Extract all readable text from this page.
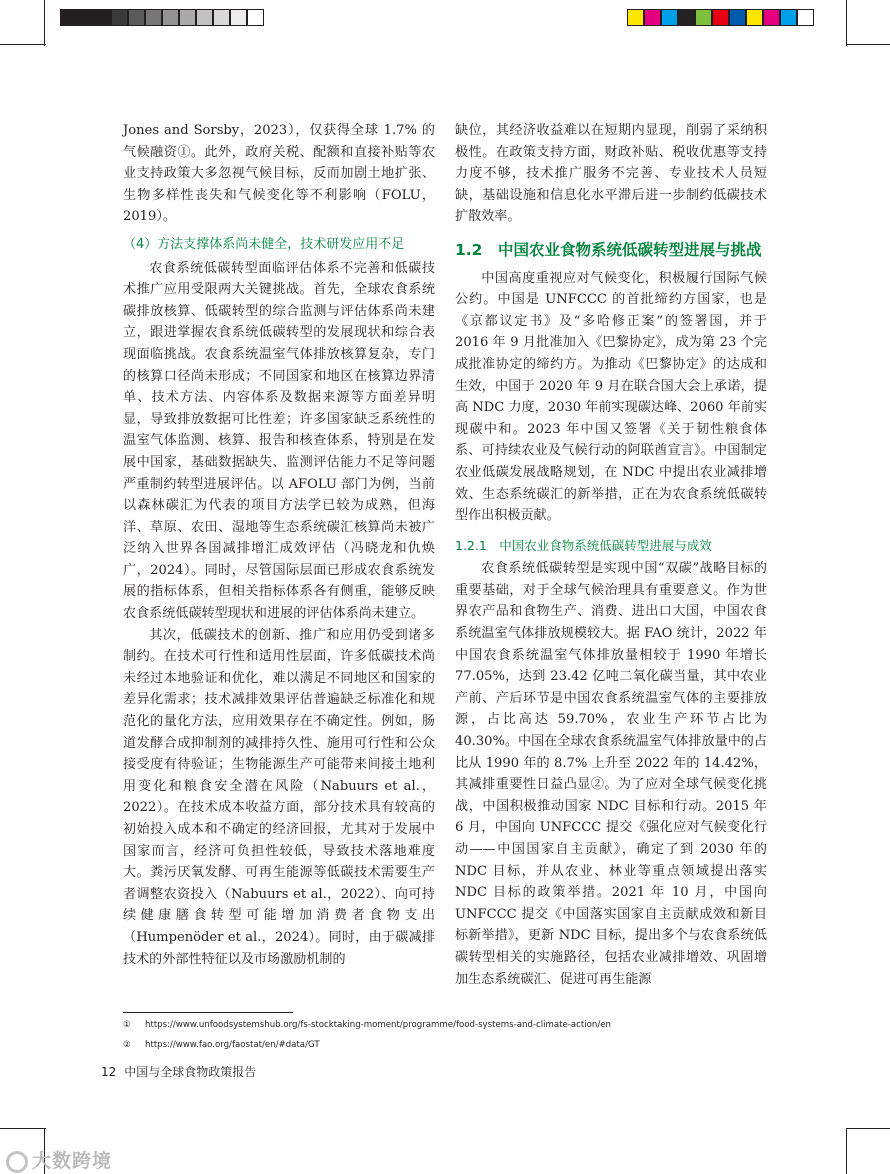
Jones and Sorsby，2023），仅获得全球 1.7% 的气候融资①。此外，政府关税、配额和直接补贴等农业支持政策大多忽视气候目标，反而加剧土地扩张、生物多样性丧失和气候变化等不利影响（FOLU，2019）。

（4）方法支撑体系尚未健全，技术研发应用不足

农食系统低碳转型面临评估体系不完善和低碳技术推广应用受限两大关键挑战。首先，全球农食系统碳排放核算、低碳转型的综合监测与评估体系尚未建立，跟进掌握农食系统低碳转型的发展现状和综合表现面临挑战。农食系统温室气体排放核算复杂，专门的核算口径尚未形成；不同国家和地区在核算边界清单、技术方法、内容体系及数据来源等方面差异明显，导致排放数据可比性差；许多国家缺乏系统性的温室气体监测、核算、报告和核查体系，特别是在发展中国家，基础数据缺失、监测评估能力不足等问题严重制约转型进展评估。以 AFOLU 部门为例，当前以森林碳汇为代表的项目方法学已较为成熟，但海洋、草原、农田、湿地等生态系统碳汇核算尚未被广泛纳入世界各国减排增汇成效评估（冯晓龙和仇焕广，2024）。同时，尽管国际层面已形成农食系统发展的指标体系，但相关指标体系各有侧重，能够反映农食系统低碳转型现状和进展的评估体系尚未建立。

其次，低碳技术的创新、推广和应用仍受到诸多制约。在技术可行性和适用性层面，许多低碳技术尚未经过本地验证和优化，难以满足不同地区和国家的差异化需求；技术减排效果评估普遍缺乏标准化和规范化的量化方法，应用效果存在不确定性。例如，肠道发酵合成抑制剂的减排持久性、施用可行性和公众接受度有待验证；生物能源生产可能带来间接土地利用变化和粮食安全潜在风险（Nabuurs et al.，2022）。在技术成本收益方面，部分技术具有较高的初始投入成本和不确定的经济回报，尤其对于发展中国家而言，经济可负担性较低，导致技术落地难度大。粪污厌氧发酵、可再生能源等低碳技术需要生产者调整农资投入（Nabuurs et al.，2022）、向可持续健康膳食转型可能增加消费者食物支出（Humpenöder et al.，2024）。同时，由于碳减排技术的外部性特征以及市场激励机制的

缺位，其经济收益难以在短期内显现，削弱了采纳积极性。在政策支持方面，财政补贴、税收优惠等支持力度不够，技术推广服务不完善、专业技术人员短缺，基础设施和信息化水平滞后进一步制约低碳技术扩散效率。

1.2　中国农业食物系统低碳转型进展与挑战

中国高度重视应对气候变化，积极履行国际气候公约。中国是 UNFCCC 的首批缔约方国家，也是《京都议定书》及“多哈修正案”的签署国，并于 2016 年 9 月批准加入《巴黎协定》，成为第 23 个完成批准协定的缔约方。为推动《巴黎协定》的达成和生效，中国于 2020 年 9 月在联合国大会上承诺，提高 NDC 力度，2030 年前实现碳达峰、2060 年前实现碳中和。2023 年中国又签署《关于韧性粮食体系、可持续农业及气候行动的阿联酋宣言》。中国制定农业低碳发展战略规划，在 NDC 中提出农业减排增效、生态系统碳汇的新举措，正在为农食系统低碳转型作出积极贡献。

1.2.1　中国农业食物系统低碳转型进展与成效

农食系统低碳转型是实现中国“双碳”战略目标的重要基础，对于全球气候治理具有重要意义。作为世界农产品和食物生产、消费、进出口大国，中国农食系统温室气体排放规模较大。据 FAO 统计，2022 年中国农食系统温室气体排放量相较于 1990 年增长 77.05%，达到 23.42 亿吨二氧化碳当量，其中农业产前、产后环节是中国农食系统温室气体的主要排放源，占比高达 59.70%，农业生产环节占比为 40.30%。中国在全球农食系统温室气体排放量中的占比从 1990 年的 8.7% 上升至 2022 年的 14.42%，其减排重要性日益凸显②。为了应对全球气候变化挑战，中国积极推动国家 NDC 目标和行动。2015 年 6 月，中国向 UNFCCC 提交《强化应对气候变化行动——中国国家自主贡献》，确定了到 2030 年的 NDC 目标，并从农业、林业等重点领域提出落实 NDC 目标的政策举措。2021 年 10 月，中国向 UNFCCC 提交《中国落实国家自主贡献成效和新目标新举措》，更新 NDC 目标，提出多个与农食系统低碳转型相关的实施路径，包括农业减排增效、巩固增加生态系统碳汇、促进可再生能源

① https://www.unfoodsystemshub.org/fs-stocktaking-moment/programme/food-systems-and-climate-action/en
② https://www.fao.org/faostat/en/#data/GT
12 中国与全球食物政策报告
大数跨境
